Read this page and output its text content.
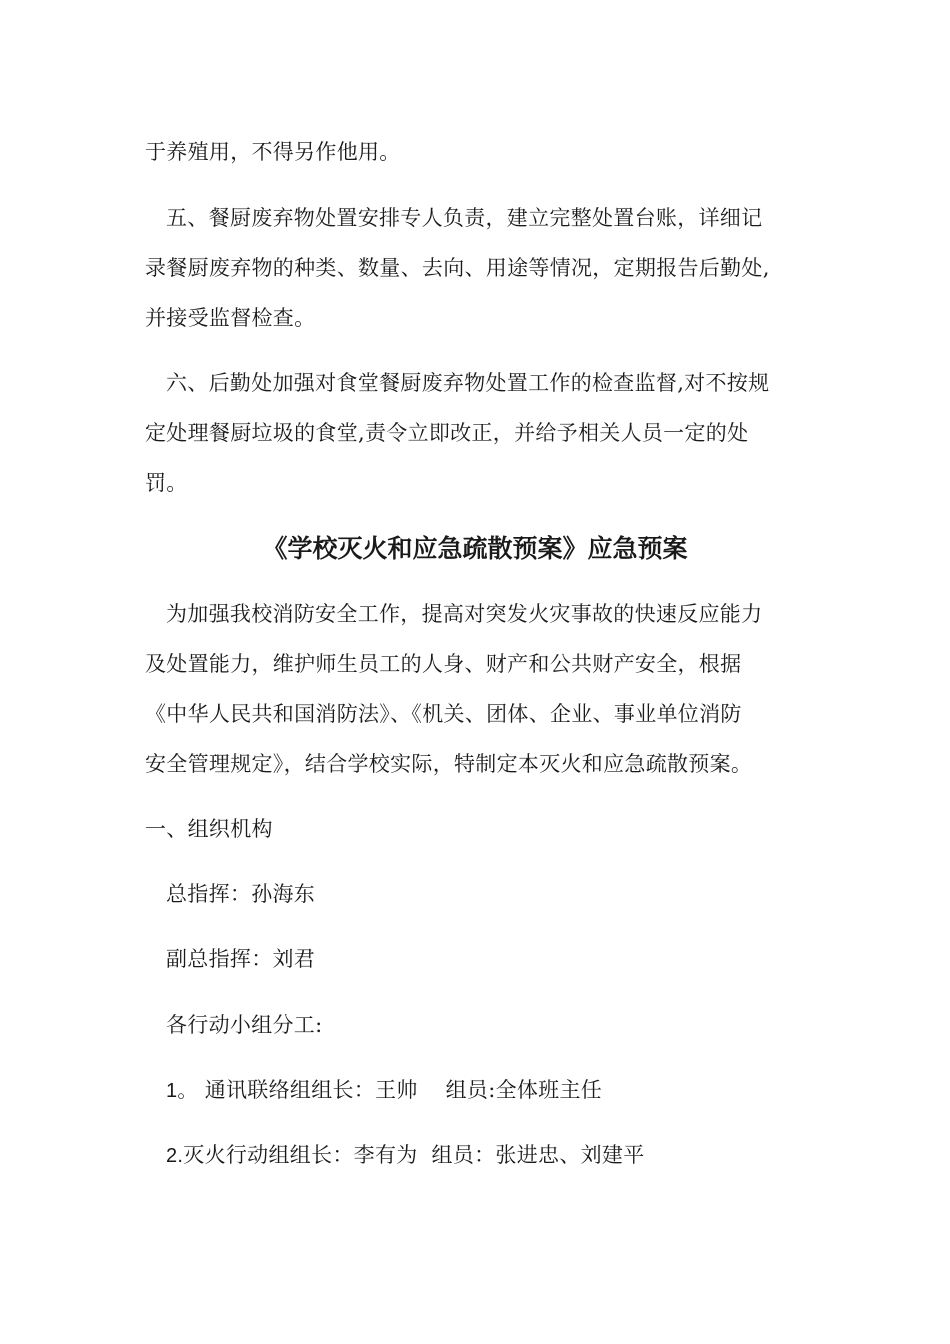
于养殖用，不得另作他用。
五、餐厨废弃物处置安排专人负责，建立完整处置台账，详细记
录餐厨废弃物的种类、数量、去向、用途等情况，定期报告后勤处,
并接受监督检查。
六、后勤处加强对食堂餐厨废弃物处置工作的检查监督,对不按规
定处理餐厨垃圾的食堂,责令立即改正，并给予相关人员一定的处
罚。
《学校灭火和应急疏散预案》应急预案
为加强我校消防安全工作，提高对突发火灾事故的快速反应能力
及处置能力，维护师生员工的人身、财产和公共财产安全，根据
《中华人民共和国消防法》、《机关、团体、企业、事业单位消防
安全管理规定》，结合学校实际，特制定本灭火和应急疏散预案。
一、组织机构
总指挥：孙海东
副总指挥：刘君
各行动小组分工:
1。 通讯联络组组长：王帅    组员:全体班主任
2.灭火行动组组长：李有为  组员：张进忠、刘建平
